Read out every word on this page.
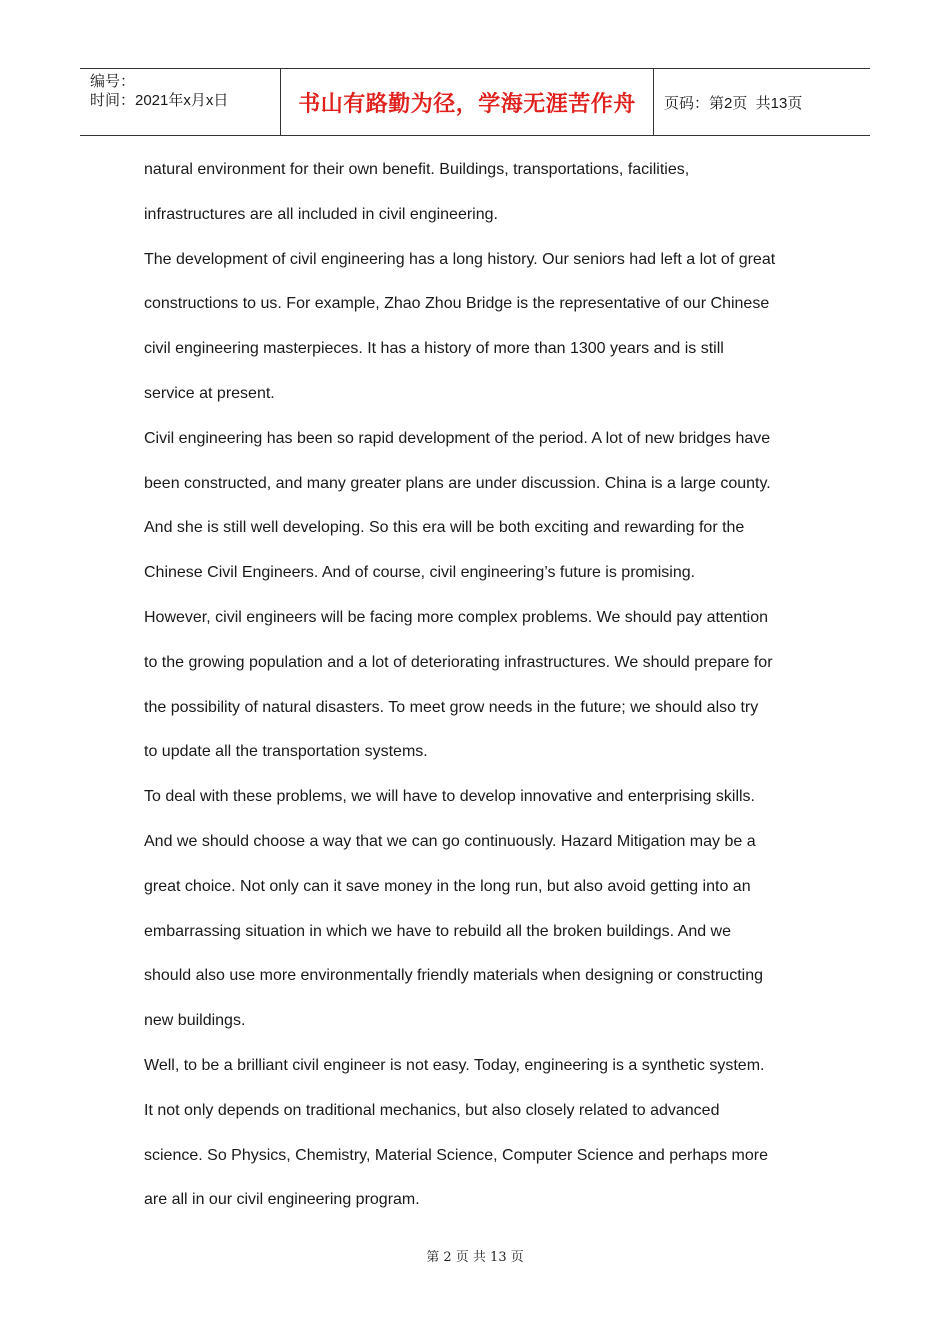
编号：
时间：2021年x月x日	书山有路勤为径，学海无涯苦作舟	页码：第2页  共13页
natural environment for their own benefit. Buildings, transportations, facilities,
infrastructures are all included in civil engineering.
The development of civil engineering has a long history. Our seniors had left a lot of great
constructions to us. For example, Zhao Zhou Bridge is the representative of our Chinese
civil engineering masterpieces. It has a history of more than 1300 years and is still
service at present.
Civil engineering has been so rapid development of the period. A lot of new bridges have
been constructed, and many greater plans are under discussion. China is a large county.
And she is still well developing. So this era will be both exciting and rewarding for the
Chinese Civil Engineers. And of course, civil engineering’s future is promising.
However, civil engineers will be facing more complex problems. We should pay attention
to the growing population and a lot of deteriorating infrastructures. We should prepare for
the possibility of natural disasters. To meet grow needs in the future; we should also try
to update all the transportation systems.
To deal with these problems, we will have to develop innovative and enterprising skills.
And we should choose a way that we can go continuously. Hazard Mitigation may be a
great choice. Not only can it save money in the long run, but also avoid getting into an
embarrassing situation in which we have to rebuild all the broken buildings. And we
should also use more environmentally friendly materials when designing or constructing
new buildings.
Well, to be a brilliant civil engineer is not easy. Today, engineering is a synthetic system.
It not only depends on traditional mechanics, but also closely related to advanced
science. So Physics, Chemistry, Material Science, Computer Science and perhaps more
are all in our civil engineering program.
第 2 页 共 13 页
